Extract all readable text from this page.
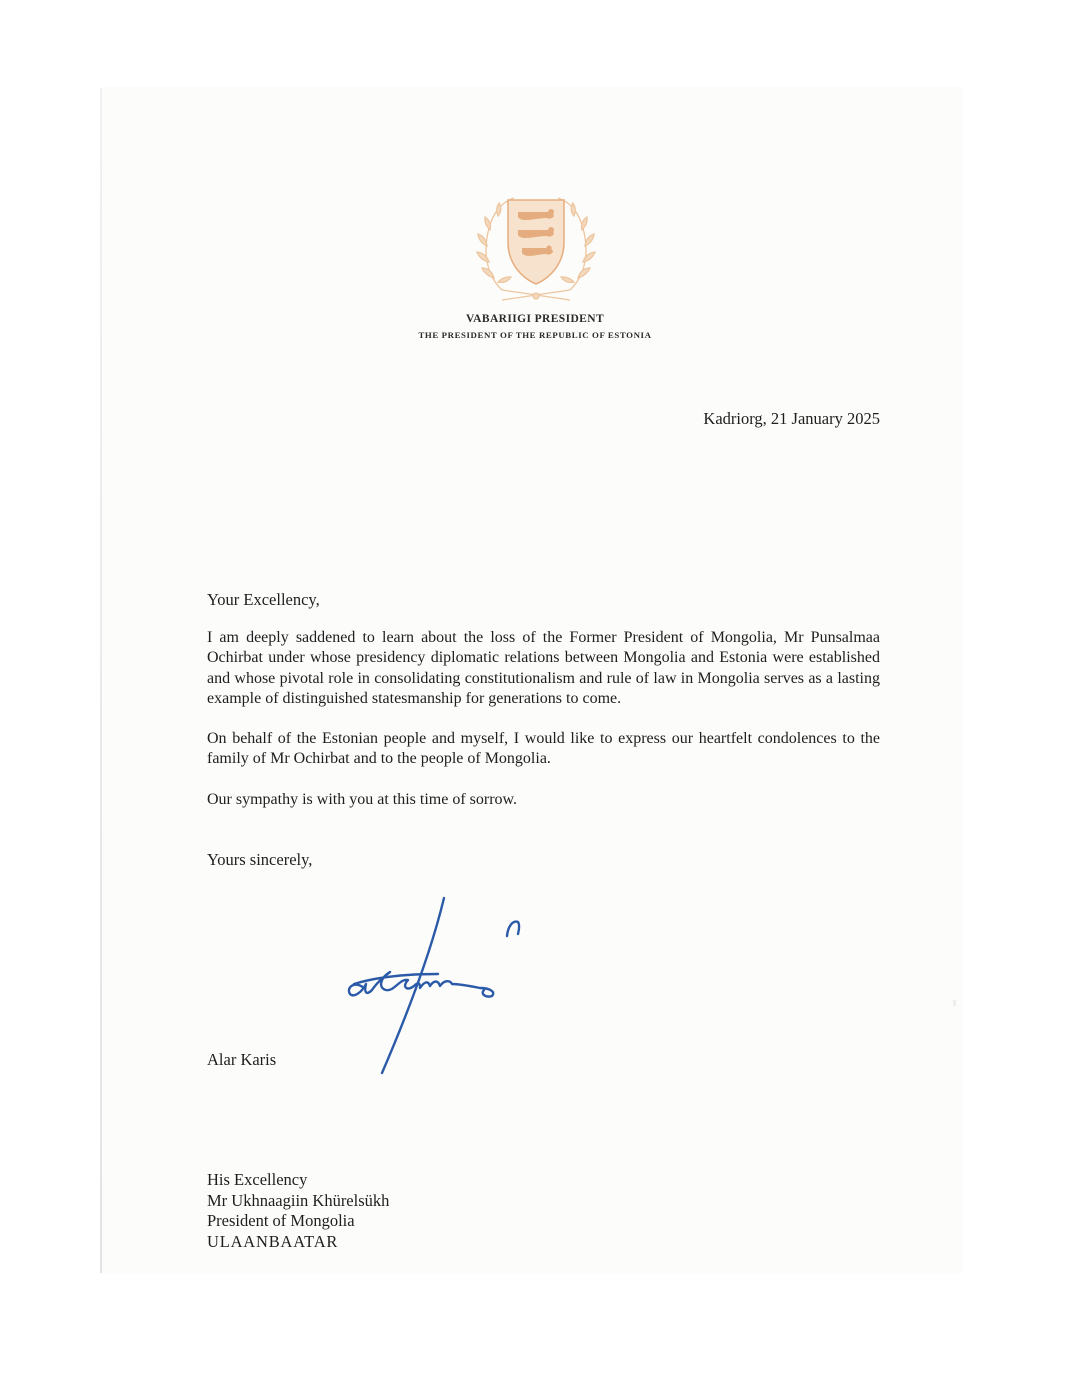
VABARIIGI PRESIDENT
THE PRESIDENT OF THE REPUBLIC OF ESTONIA
Kadriorg, 21 January 2025
Your Excellency,

I am deeply saddened to learn about the loss of the Former President of Mongolia, Mr Punsalmaa Ochirbat under whose presidency diplomatic relations between Mongolia and Estonia were established and whose pivotal role in consolidating constitutionalism and rule of law in Mongolia serves as a lasting example of distinguished statesmanship for generations to come.

On behalf of the Estonian people and myself, I would like to express our heartfelt condolences to the family of Mr Ochirbat and to the people of Mongolia.

Our sympathy is with you at this time of sorrow.

Yours sincerely,
Alar Karis
His Excellency
Mr Ukhnaagiin Khürelsükh
President of Mongolia
ULAANBAATAR
